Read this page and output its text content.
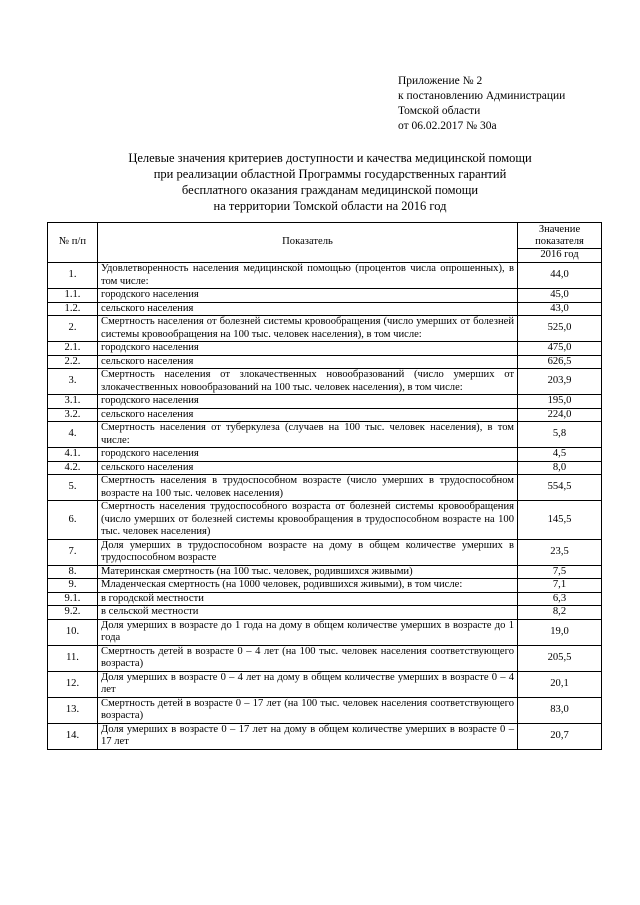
Приложение № 2
к постановлению Администрации
Томской области
от 06.02.2017 № 30а
Целевые значения критериев доступности и качества медицинской помощи
при реализации областной Программы государственных гарантий
бесплатного оказания гражданам медицинской помощи
на территории Томской области на 2016 год
№ п/п	Показатель	Значение показателя
		2016 год
1.	Удовлетворенность населения медицинской помощью (процентов числа опрошенных), в том числе:	44,0
1.1.	городского населения	45,0
1.2.	сельского населения	43,0
2.	Смертность населения от болезней системы кровообращения (число умерших от болезней системы кровообращения на 100 тыс. человек населения), в том числе:	525,0
2.1.	городского населения	475,0
2.2.	сельского населения	626,5
3.	Смертность населения от злокачественных новообразований (число умерших от злокачественных новообразований на 100 тыс. человек населения), в том числе:	203,9
3.1.	городского населения	195,0
3.2.	сельского населения	224,0
4.	Смертность населения от туберкулеза (случаев на 100 тыс. человек населения), в том числе:	5,8
4.1.	городского населения	4,5
4.2.	сельского населения	8,0
5.	Смертность населения в трудоспособном возрасте (число умерших в трудоспособном возрасте на 100 тыс. человек населения)	554,5
6.	Смертность населения трудоспособного возраста от болезней системы кровообращения (число умерших от болезней системы кровообращения в трудоспособном возрасте на 100 тыс. человек населения)	145,5
7.	Доля умерших в трудоспособном возрасте на дому в общем количестве умерших в трудоспособном возрасте	23,5
8.	Материнская смертность (на 100 тыс. человек, родившихся живыми)	7,5
9.	Младенческая смертность (на 1000 человек, родившихся живыми), в том числе:	7,1
9.1.	в городской местности	6,3
9.2.	в сельской местности	8,2
10.	Доля умерших в возрасте до 1 года на дому в общем количестве умерших в возрасте до 1 года	19,0
11.	Смертность детей в возрасте 0 – 4 лет (на 100 тыс. человек населения соответствующего возраста)	205,5
12.	Доля умерших в возрасте 0 – 4 лет на дому в общем количестве умерших в возрасте 0 – 4 лет	20,1
13.	Смертность детей в возрасте 0 – 17 лет (на 100 тыс. человек населения соответствующего возраста)	83,0
14.	Доля умерших в возрасте 0 – 17 лет на дому в общем количестве умерших в возрасте 0 – 17 лет	20,7
